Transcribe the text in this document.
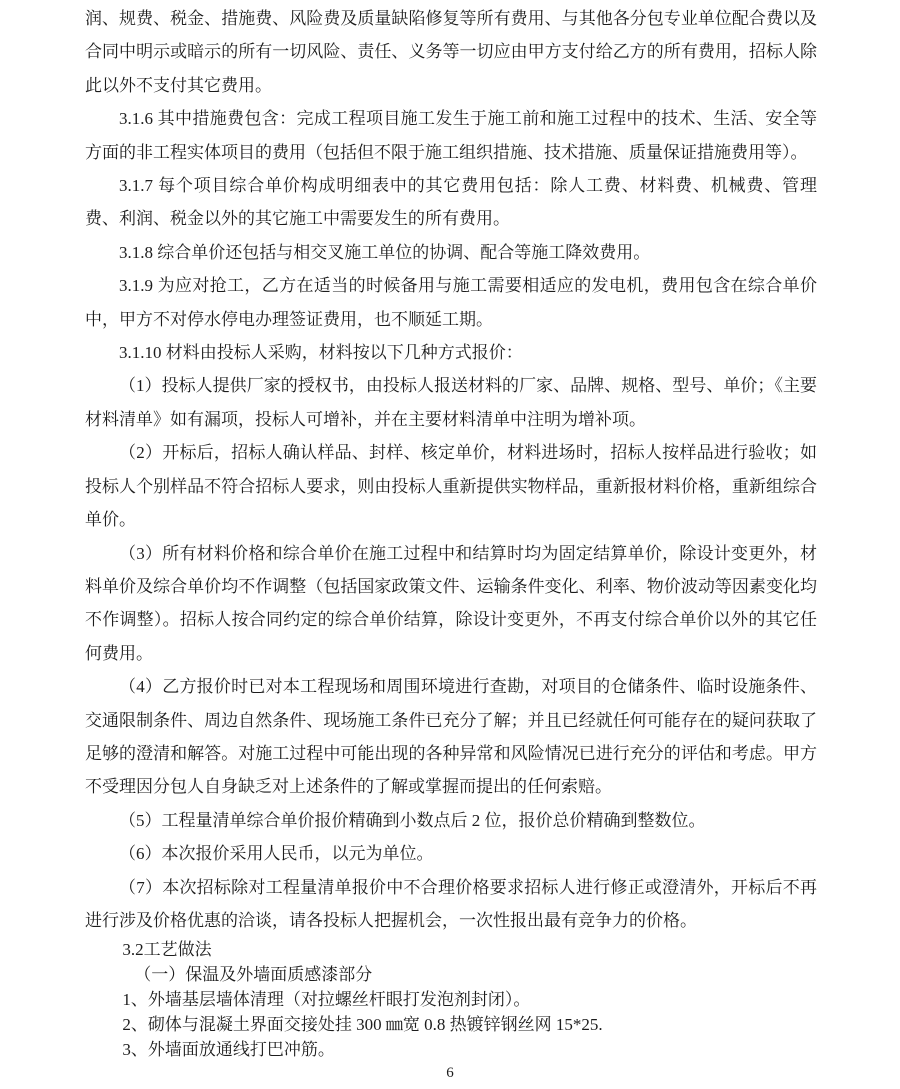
润、规费、税金、措施费、风险费及质量缺陷修复等所有费用、与其他各分包专业单位配合费以及合同中明示或暗示的所有一切风险、责任、义务等一切应由甲方支付给乙方的所有费用，招标人除此以外不支付其它费用。

3.1.6 其中措施费包含：完成工程项目施工发生于施工前和施工过程中的技术、生活、安全等方面的非工程实体项目的费用（包括但不限于施工组织措施、技术措施、质量保证措施费用等）。

3.1.7 每个项目综合单价构成明细表中的其它费用包括：除人工费、材料费、机械费、管理费、利润、税金以外的其它施工中需要发生的所有费用。

3.1.8 综合单价还包括与相交叉施工单位的协调、配合等施工降效费用。

3.1.9 为应对抢工，乙方在适当的时候备用与施工需要相适应的发电机，费用包含在综合单价中，甲方不对停水停电办理签证费用，也不顺延工期。

3.1.10 材料由投标人采购，材料按以下几种方式报价：

（1）投标人提供厂家的授权书，由投标人报送材料的厂家、品牌、规格、型号、单价；《主要材料清单》如有漏项，投标人可增补，并在主要材料清单中注明为增补项。

（2）开标后，招标人确认样品、封样、核定单价，材料进场时，招标人按样品进行验收；如投标人个别样品不符合招标人要求，则由投标人重新提供实物样品，重新报材料价格，重新组综合单价。

（3）所有材料价格和综合单价在施工过程中和结算时均为固定结算单价，除设计变更外，材料单价及综合单价均不作调整（包括国家政策文件、运输条件变化、利率、物价波动等因素变化均不作调整）。招标人按合同约定的综合单价结算，除设计变更外，不再支付综合单价以外的其它任何费用。

（4）乙方报价时已对本工程现场和周围环境进行查勘，对项目的仓储条件、临时设施条件、交通限制条件、周边自然条件、现场施工条件已充分了解；并且已经就任何可能存在的疑问获取了足够的澄清和解答。对施工过程中可能出现的各种异常和风险情况已进行充分的评估和考虑。甲方不受理因分包人自身缺乏对上述条件的了解或掌握而提出的任何索赔。

（5）工程量清单综合单价报价精确到小数点后 2 位，报价总价精确到整数位。

（6）本次报价采用人民币，以元为单位。

（7）本次招标除对工程量清单报价中不合理价格要求招标人进行修正或澄清外，开标后不再进行涉及价格优惠的洽谈，请各投标人把握机会，一次性报出最有竞争力的价格。

3.2工艺做法

（一）保温及外墙面质感漆部分

1、外墙基层墙体清理（对拉螺丝杆眼打发泡剂封闭）。

2、砌体与混凝土界面交接处挂 300 ㎜宽 0.8 热镀锌钢丝网 15*25.

3、外墙面放通线打巴冲筋。

6
